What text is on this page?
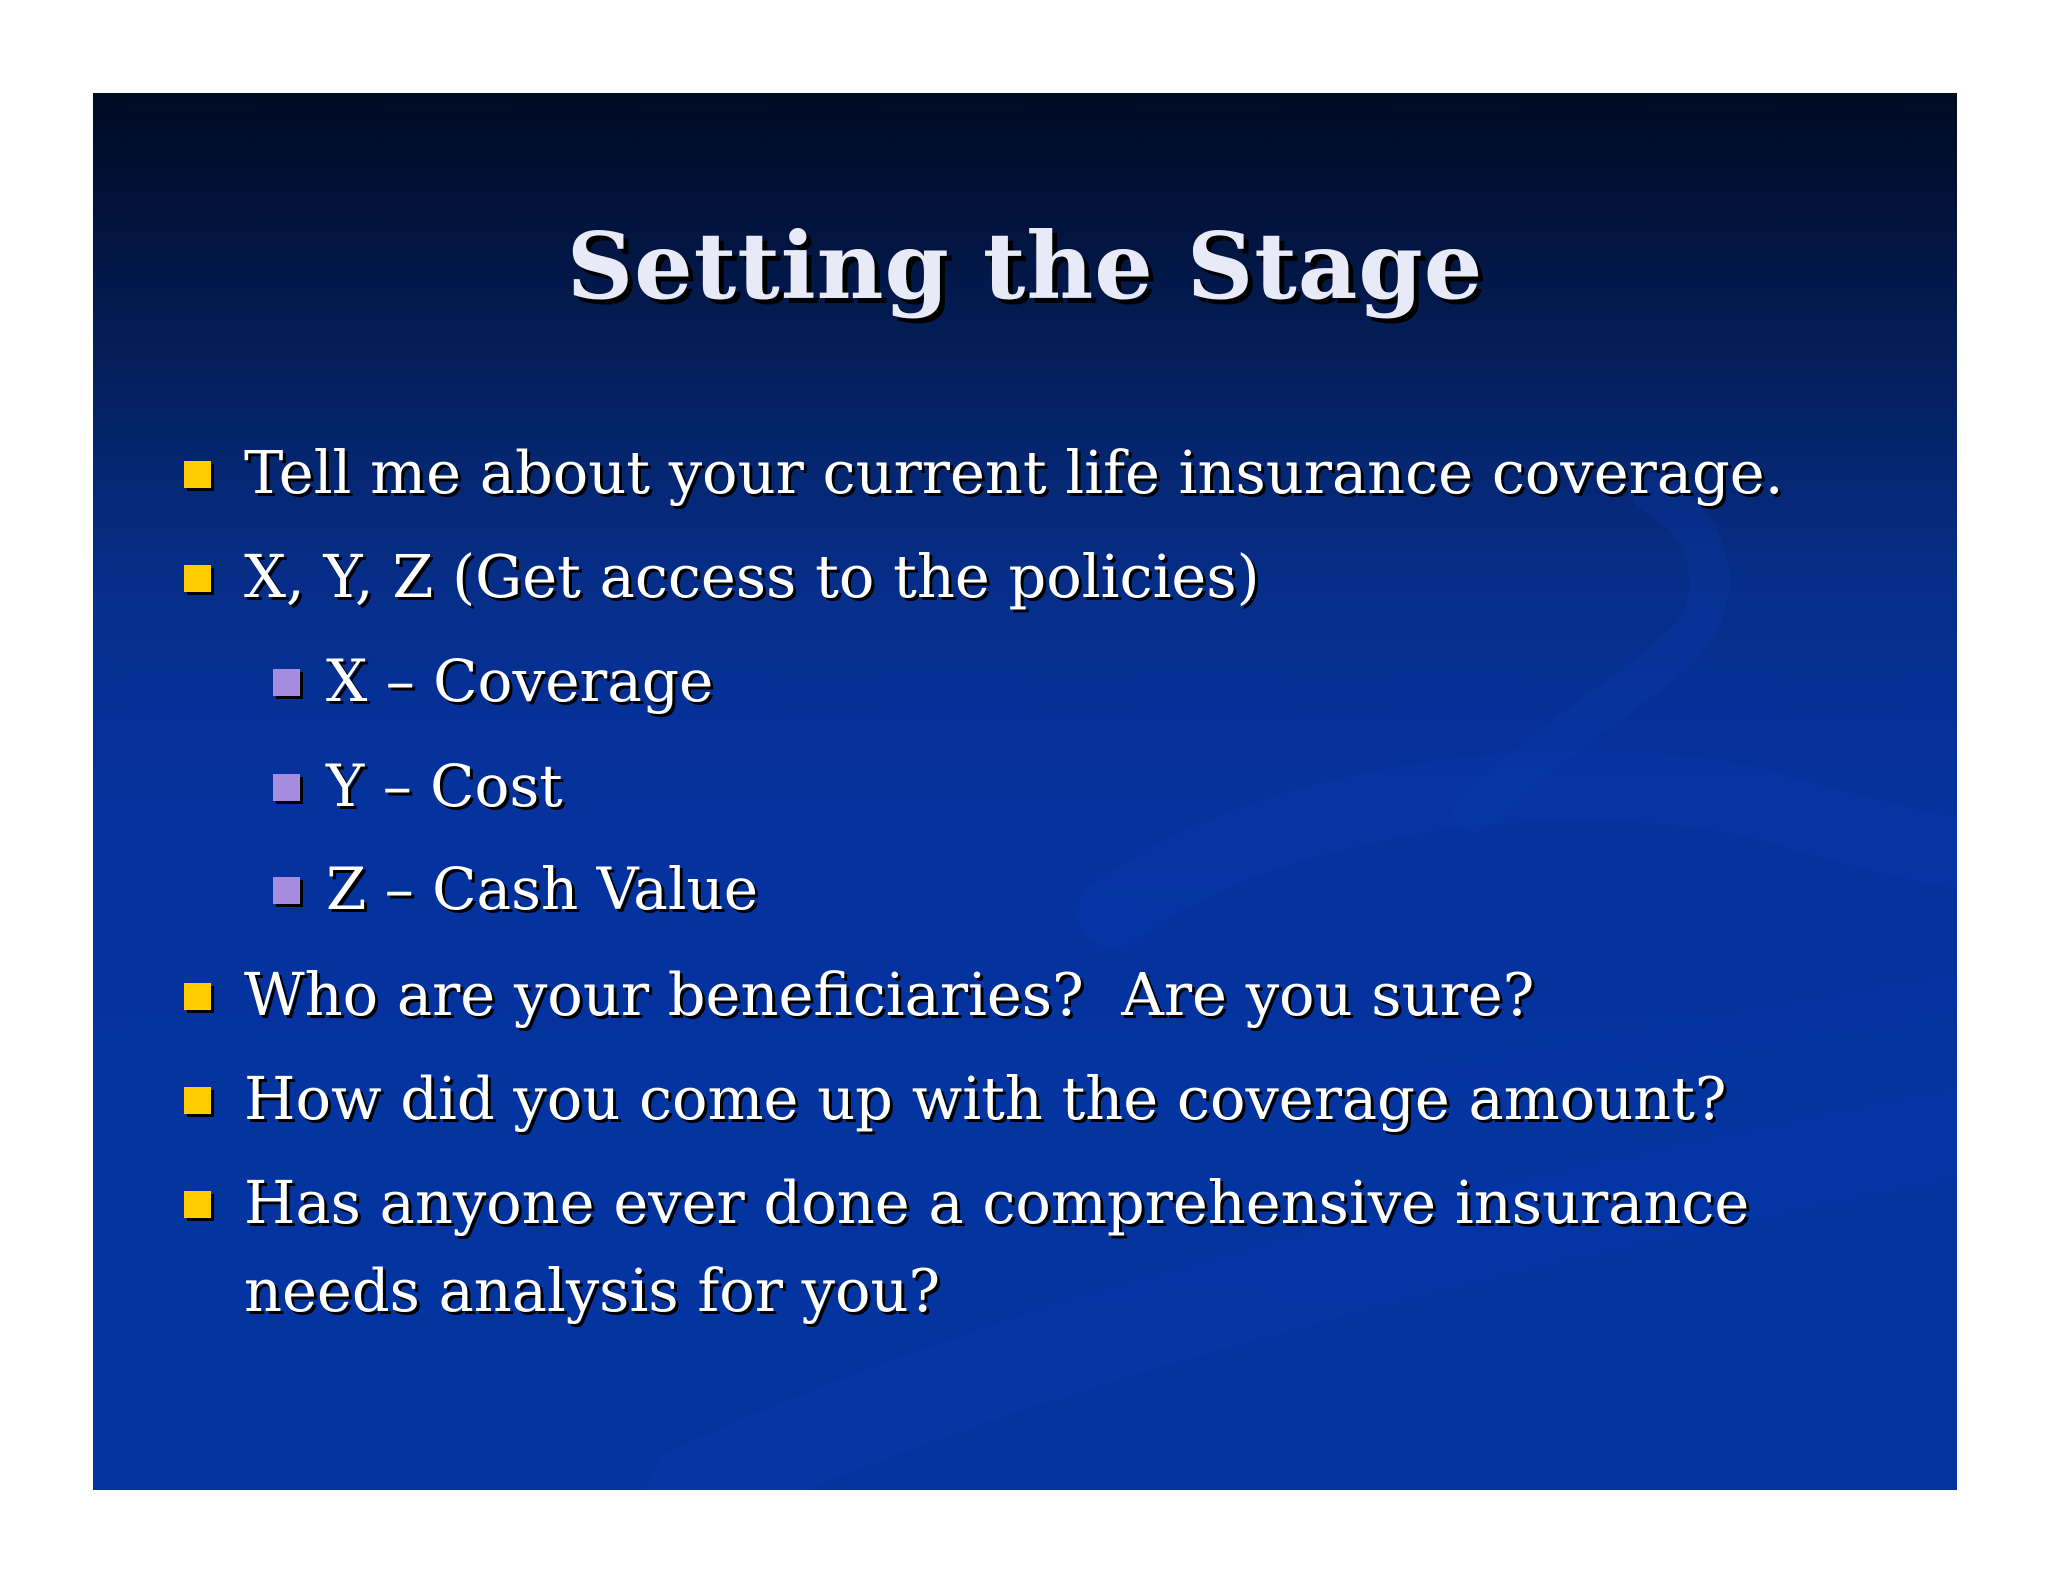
Setting the Stage
Tell me about your current life insurance coverage.
X, Y, Z (Get access to the policies)
X – Coverage
Y – Cost
Z – Cash Value
Who are your beneficiaries?  Are you sure?
How did you come up with the coverage amount?
Has anyone ever done a comprehensive insurance needs analysis for you?
